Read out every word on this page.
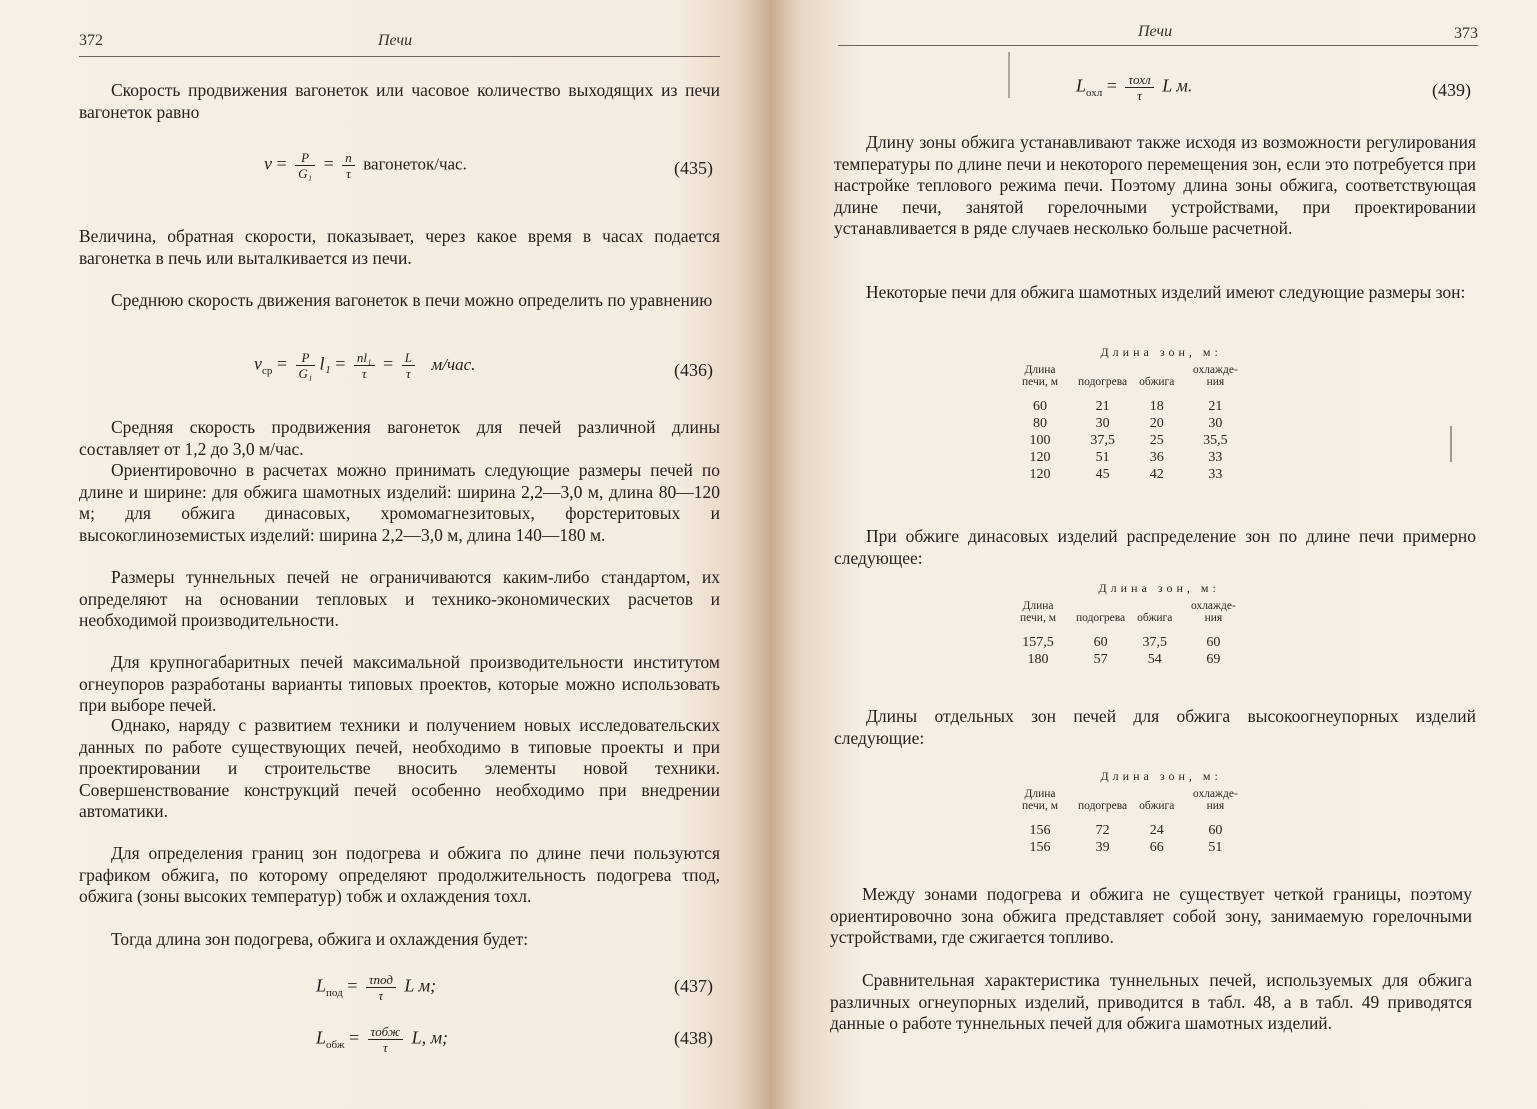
372	Печи

Скорость продвижения вагонеток или часовое количество выходящих из печи вагонеток равно

$v = \frac{P}{\text{G₁}} = \frac{n}{\tau}$ вагонеток/час.	(435)

Величина, обратная скорости, показывает, через какое время в часах подается вагонетка в печь или выталкивается из печи.

Среднюю скорость движения вагонеток в печи можно определить по уравнению

$v_{ср} = \frac{P}{\text{G₁}} l_1 = \frac{\text{nl₁}}{\tau} = \frac{L}{\tau} м/час$.	(436)

Средняя скорость продвижения вагонеток для печей различной длины составляет от 1,2 до 3,0 м/час.

Ориентировочно в расчетах можно принимать следующие размеры печей по длине и ширине: для обжига шамотных изделий: ширина 2,2—3,0 м, длина 80—120 м; для обжига динасовых, хромомагнезитовых, форстеритовых и высокоглиноземистых изделий: ширина 2,2—3,0 м, длина 140—180 м.

Размеры туннельных печей не ограничиваются каким-либо стандартом, их определяют на основании тепловых и технико-экономических расчетов и необходимой производительности.

Для крупногабаритных печей максимальной производительности институтом огнеупоров разработаны варианты типовых проектов, которые можно использовать при выборе печей.

Однако, наряду с развитием техники и получением новых исследовательских данных по работе существующих печей, необходимо в типовые проекты и при проектировании и строительстве вносить элементы новой техники. Совершенствование конструкций печей особенно необходимо при внедрении автоматики.

Для определения границ зон подогрева и обжига по длине печи пользуются графиком обжига, по которому определяют продолжительность подогрева τпод, обжига (зоны высоких температур) τобж и охлаждения τохл.

Тогда длина зон подогрева, обжига и охлаждения будет:

$L_{под} = \frac{\text{τпод}}{\tau}$ L м;	(437)
$L_{обж} = \frac{\text{τобж}}{\tau} L$, м;	(438)
Печи	373
$L_{охл} = \frac{\text{τохл}}{\tau}$ L м.	(439)

Длину зоны обжига устанавливают также исходя из возможности регулирования температуры по длине печи и некоторого перемещения зон, если это потребуется при настройке теплового режима печи. Поэтому длина зоны обжига, соответствующая длине печи, занятой горелочными устройствами, при проектировании устанавливается в ряде случаев несколько больше расчетной.

Некоторые печи для обжига шамотных изделий имеют следующие размеры зон:

Длина печи, м	Длина зон, м:		
	подогрева	обжига	охлажде-ния
60	21	18	21
80	30	20	30
100	37,5	25	35,5
120	51	36	33
120	45	42	33

При обжиге динасовых изделий распределение зон по длине печи примерно следующее:

Длина печи, м	Длина зон, м:		
	подогрева	обжига	охлажде-ния
157,5	60	37,5	60
180	57	54	69

Длины отдельных зон печей для обжига высокоогнеупорных изделий следующие:

Длина печи, м	Длина зон, м:		
	подогрева	обжига	охлажде-ния
156	72	24	60
156	39	66	51

Между зонами подогрева и обжига не существует четкой границы, поэтому ориентировочно зона обжига представляет собой зону, занимаемую горелочными устройствами, где сжигается топливо.

Сравнительная характеристика туннельных печей, используемых для обжига различных огнеупорных изделий, приводится в табл. 48, а в табл. 49 приводятся данные о работе туннельных печей для обжига шамотных изделий.
